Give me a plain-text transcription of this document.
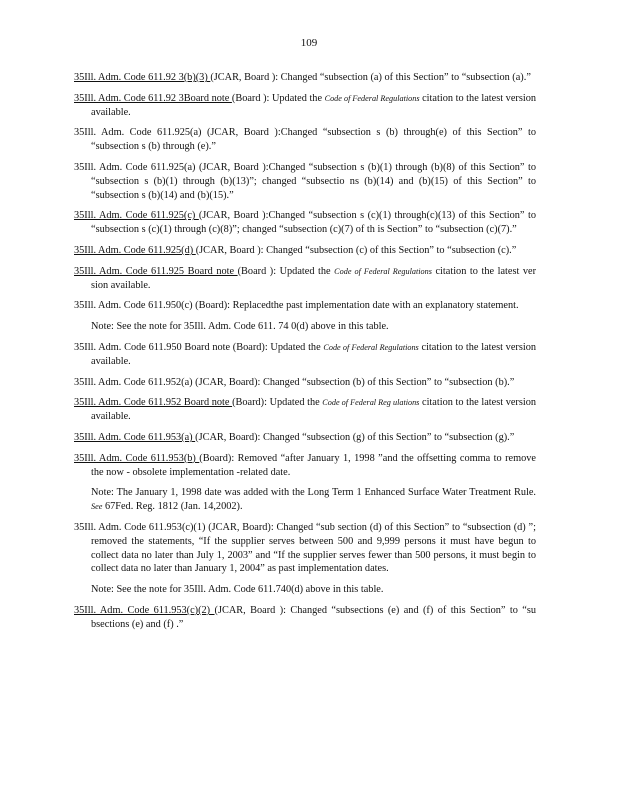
109

35Ill. Adm. Code 611.92 3(b)(3) (JCAR, Board ): Changed “subsection (a) of this Section” to “subsection (a).”

35Ill. Adm. Code 611.92 3Board note (Board ): Updated the Code of Federal Regulations citation to the latest version available.

35Ill. Adm. Code 611.925(a) (JCAR, Board ):Changed “subsection s (b) through(e) of this Section” to “subsection s (b) through (e).”

35Ill. Adm. Code 611.925(a) (JCAR, Board ):Changed “subsection s (b)(1) through (b)(8) of this Section” to “subsection s (b)(1) through (b)(13)”; changed “subsectio ns (b)(14) and (b)(15) of this Section” to “subsection s (b)(14) and (b)(15).”

35Ill. Adm. Code 611.925(c) (JCAR, Board ):Changed “subsection s (c)(1) through(c)(13) of this Section” to “subsection s (c)(1) through (c)(8)”; changed “subsection (c)(7) of th is Section” to “subsection (c)(7).”

35Ill. Adm. Code 611.925(d) (JCAR, Board ): Changed “subsection (c) of this Section” to “subsection (c).”

35Ill. Adm. Code 611.925 Board note (Board ): Updated the Code of Federal Regulations citation to the latest ver sion available.

35Ill. Adm. Code 611.950(c) (Board): Replacedthe past implementation date with an explanatory statement.

Note: See the note for 35Ill. Adm. Code 611. 74 0(d) above in this table.

35Ill. Adm. Code 611.950 Board note (Board): Updated the Code of Federal Regulations citation to the latest version available.

35Ill. Adm. Code 611.952(a) (JCAR, Board): Changed “subsection (b) of this Section” to “subsection (b).”

35Ill. Adm. Code 611.952 Board note (Board): Updated the Code of Federal Reg ulations citation to the latest version available.

35Ill. Adm. Code 611.953(a) (JCAR, Board): Changed “subsection (g) of this Section” to “subsection (g).”

35Ill. Adm. Code 611.953(b) (Board): Removed “after January 1, 1998 ”and the offsetting comma to remove the now - obsolete implementation -related date.

Note: The January 1, 1998 date was added with the Long Term 1 Enhanced Surface Water Treatment Rule. See 67Fed. Reg. 1812 (Jan. 14,2002).

35Ill. Adm. Code 611.953(c)(1) (JCAR, Board): Changed “sub section (d) of this Section” to “subsection (d) ”; removed the statements, “If the supplier serves between 500 and 9,999 persons it must have begun to collect data no later than July 1, 2003” and “If the supplier serves fewer than 500 persons, it must begin to collect data no later than January 1, 2004” as past implementation dates.

Note: See the note for 35Ill. Adm. Code 611.740(d) above in this table.

35Ill. Adm. Code 611.953(c)(2) (JCAR, Board ): Changed “subsections (e) and (f) of this Section” to “su bsections (e) and (f) .”
